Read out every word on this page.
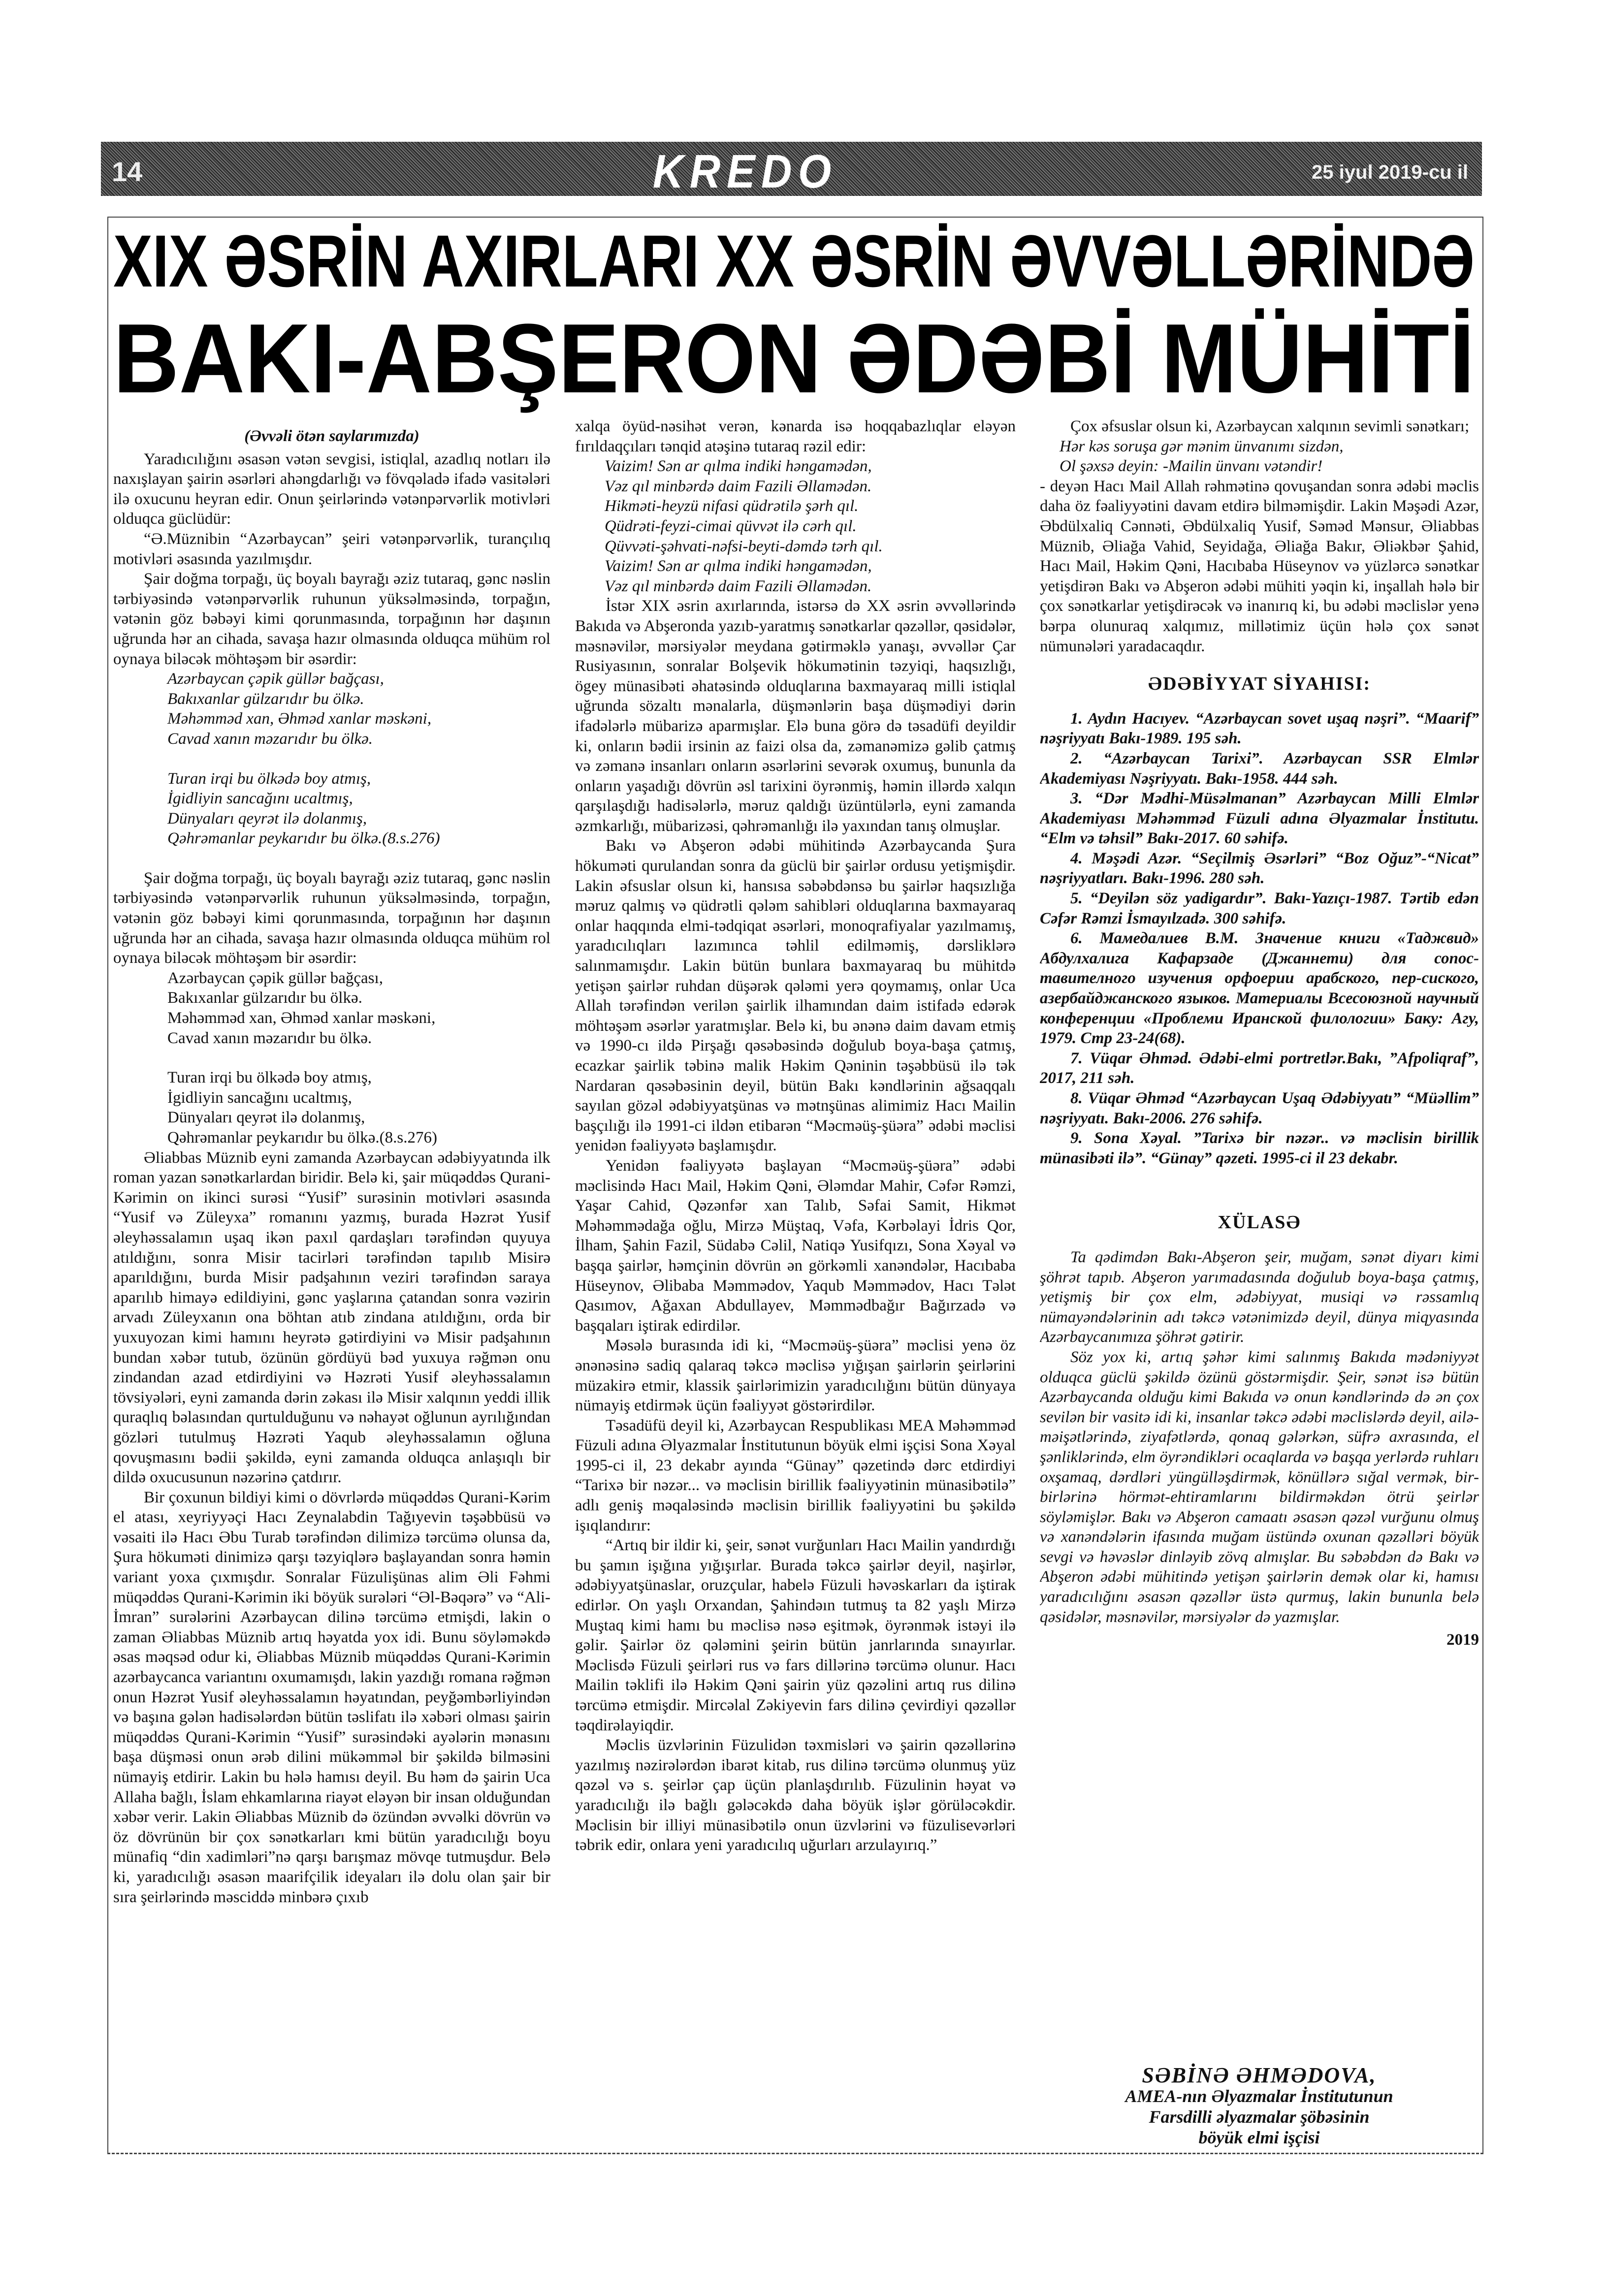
14	KREDO	25 iyul 2019-cu il
XIX ƏSRİN AXIRLARI XX ƏSRİN ƏVVƏLLƏRİNDƏ
BAKI-ABŞERON ƏDƏBİ MÜHİTİ
(Əvvəli ötən saylarımızda)

Yaradıcılığını əsasən vətən sevgisi, istiqlal, azadlıq notları ilə naxışlayan şairin əsərləri ahəngdarlığı və fövqəladə ifadə vasitələri ilə oxucunu heyran edir. Onun şeirlərində vətənpərvərlik motivləri olduqca güclüdür:

“Ə.Müznibin “Azərbaycan” şeiri vətənpərvərlik, turançılıq motivləri əsasında yazılmışdır.

Şair doğma torpağı, üç boyalı bayrağı əziz tutaraq, gənc nəslin tərbiyəsində vətənpərvərlik ruhunun yüksəlməsində, torpağın, vətənin göz bəbəyi kimi qorunmasında, torpağının hər daşının uğrunda hər an cihada, savaşa hazır olmasında olduqca mühüm rol oynaya biləcək möhtəşəm bir əsərdir:

Azərbaycan çəpik güllər bağçası,
Bakıxanlar gülzarıdır bu ölkə.
Məhəmməd xan, Əhməd xanlar məskəni,
Cavad xanın məzarıdır bu ölkə.
Turan irqi bu ölkədə boy atmış,
İgidliyin sancağını ucaltmış,
Dünyaları qeyrət ilə dolanmış,
Qəhrəmanlar peykarıdır bu ölkə.(8.s.276)

Şair doğma torpağı, üç boyalı bayrağı əziz tutaraq, gənc nəslin tərbiyəsində vətənpərvərlik ruhunun yüksəlməsində, torpağın, vətənin göz bəbəyi kimi qorunmasında, torpağının hər daşının uğrunda hər an cihada, savaşa hazır olmasında olduqca mühüm rol oynaya biləcək möhtəşəm bir əsərdir:

Azərbaycan çəpik güllər bağçası,
Bakıxanlar gülzarıdır bu ölkə.
Məhəmməd xan, Əhməd xanlar məskəni,
Cavad xanın məzarıdır bu ölkə.
Turan irqi bu ölkədə boy atmış,
İgidliyin sancağını ucaltmış,
Dünyaları qeyrət ilə dolanmış,
Qəhrəmanlar peykarıdır bu ölkə.(8.s.276)

Əliabbas Müznib eyni zamanda Azərbaycan ədəbiyyatında ilk roman yazan sənətkarlardan biridir. Belə ki, şair müqəddəs Qurani-Kərimin on ikinci surəsi “Yusif” surəsinin motivləri əsasında “Yusif və Züleyxa” romanını yazmış, burada Həzrət Yusif əleyhəssalamın uşaq ikən paxıl qardaşları tərəfindən quyuya atıldığını, sonra Misir tacirləri tərəfindən tapılıb Misirə aparıldığını, burda Misir padşahının veziri tərəfindən saraya aparılıb himayə edildiyini, gənc yaşlarına çatandan sonra vəzirin arvadı Züleyxanın ona böhtan atıb zindana atıldığını, orda bir yuxuyozan kimi hamını heyrətə gətirdiyini və Misir padşahının bundan xəbər tutub, özünün gördüyü bəd yuxuya rəğmən onu zindandan azad etdirdiyini və Həzrəti Yusif əleyhəssalamın tövsiyələri, eyni zamanda dərin zəkası ilə Misir xalqının yeddi illik quraqlıq bəlasından qurtulduğunu və nəhayət oğlunun ayrılığından gözləri tutulmuş Həzrəti Yaqub əleyhəssalamın oğluna qovuşmasını bədii şəkildə, eyni zamanda olduqca anlaşıqlı bir dildə oxucusunun nəzərinə çatdırır.

Bir çoxunun bildiyi kimi o dövrlərdə müqəddəs Qurani-Kərim el atası, xeyriyyəçi Hacı Zeynalabdin Tağıyevin təşəbbüsü və vəsaiti ilə Hacı Əbu Turab tərəfindən dilimizə tərcümə olunsa da, Şura hökuməti dinimizə qarşı təzyiqlərə başlayandan sonra həmin variant yoxa çıxmışdır. Sonralar Füzulişünas alim Əli Fəhmi müqəddəs Qurani-Kərimin iki böyük surələri “Əl-Bəqərə” və “Ali-İmran” surələrini Azərbaycan dilinə tərcümə etmişdi, lakin o zaman Əliabbas Müznib artıq həyatda yox idi. Bunu söyləməkdə əsas məqsəd odur ki, Əliabbas Müznib müqəddəs Qurani-Kərimin azərbaycanca variantını oxumamışdı, lakin yazdığı romana rəğmən onun Həzrət Yusif əleyhəssalamın həyatından, peyğəmbərliyindən və başına gələn hadisələrdən bütün təslifatı ilə xəbəri olması şairin müqəddəs Qurani-Kərimin “Yusif” surəsindəki ayələrin mənasını başa düşməsi onun ərəb dilini mükəmməl bir şəkildə bilməsini nümayiş etdirir. Lakin bu hələ hamısı deyil. Bu həm də şairin Uca Allaha bağlı, İslam ehkamlarına riayət eləyən bir insan olduğundan xəbər verir. Lakin Əliabbas Müznib də özündən əvvəlki dövrün və öz dövrünün bir çox sənətkarları kmi bütün yaradıcılığı boyu münafiq “din xadimləri”nə qarşı barışmaz mövqe tutmuşdur. Belə ki, yaradıcılığı əsasən maarifçilik ideyaları ilə dolu olan şair bir sıra şeirlərində məsciddə minbərə çıxıb

xalqa öyüd-nəsihət verən, kənarda isə hoqqabazlıqlar eləyən fırıldaqçıları tənqid atəşinə tutaraq rəzil edir:

Vaizim! Sən ar qılma indiki həngamədən,
Vəz qıl minbərdə daim Fazili Əllamədən.
Hikməti-heyzü nifasi qüdrətilə şərh qıl.
Qüdrəti-feyzi-cimai qüvvət ilə cərh qıl.
Qüvvəti-şəhvati-nəfsi-beyti-dəmdə tərh qıl.
Vaizim! Sən ar qılma indiki həngamədən,
Vəz qıl minbərdə daim Fazili Əllamədən.

İstər XIX əsrin axırlarında, istərsə də XX əsrin əvvəllərində Bakıda və Abşeronda yazıb-yaratmış sənətkarlar qəzəllər, qəsidələr, məsnəvilər, mərsiyələr meydana gətirməklə yanaşı, əvvəllər Çar Rusiyasının, sonralar Bolşevik hökumətinin təzyiqi, haqsızlığı, ögey münasibəti əhatəsində olduqlarına baxmayaraq milli istiqlal uğrunda sözaltı mənalarla, düşmənlərin başa düşmədiyi dərin ifadələrlə mübarizə aparmışlar. Elə buna görə də təsadüfi deyildir ki, onların bədii irsinin az faizi olsa da, zəmanəmizə gəlib çatmış və zəmanə insanları onların əsərlərini sevərək oxumuş, bununla da onların yaşadığı dövrün əsl tarixini öyrənmiş, həmin illərdə xalqın qarşılaşdığı hadisələrlə, məruz qaldığı üzüntülərlə, eyni zamanda əzmkarlığı, mübarizəsi, qəhrəmanlığı ilə yaxından tanış olmuşlar.

Bakı və Abşeron ədəbi mühitində Azərbaycanda Şura hökuməti qurulandan sonra da güclü bir şairlər ordusu yetişmişdir. Lakin əfsuslar olsun ki, hansısa səbəbdənsə bu şairlər haqsızlığa məruz qalmış və qüdrətli qələm sahibləri olduqlarına baxmayaraq onlar haqqında elmi-tədqiqat əsərləri, monoqrafiyalar yazılmamış, yaradıcılıqları lazımınca təhlil edilməmiş, dərsliklərə salınmamışdır. Lakin bütün bunlara baxmayaraq bu mühitdə yetişən şairlər ruhdan düşərək qələmi yerə qoymamış, onlar Uca Allah tərəfindən verilən şairlik ilhamından daim istifadə edərək möhtəşəm əsərlər yaratmışlar. Belə ki, bu ənənə daim davam etmiş və 1990-cı ildə Pirşağı qəsəbəsində doğulub boya-başa çatmış, ecazkar şairlik təbinə malik Həkim Qəninin təşəbbüsü ilə tək Nardaran qəsəbəsinin deyil, bütün Bakı kəndlərinin ağsaqqalı sayılan gözəl ədəbiyyatşünas və mətnşünas alimimiz Hacı Mailin başçılığı ilə 1991-ci ildən etibarən “Məcməüş-şüəra” ədəbi məclisi yenidən fəaliyyətə başlamışdır.

Yenidən fəaliyyətə başlayan “Məcməüş-şüəra” ədəbi məclisində Hacı Mail, Həkim Qəni, Ələmdar Mahir, Cəfər Rəmzi, Yaşar Cahid, Qəzənfər xan Talıb, Səfai Samit, Hikmət Məhəmmədağa oğlu, Mirzə Müştaq, Vəfa, Kərbəlayi İdris Qor, İlham, Şahin Fazil, Südabə Cəlil, Natiqə Yusifqızı, Sona Xəyal və başqa şairlər, həmçinin dövrün ən görkəmli xanəndələr, Hacıbaba Hüseynov, Əlibaba Məmmədov, Yaqub Məmmədov, Hacı Tələt Qasımov, Ağaxan Abdullayev, Məmmədbağır Bağırzadə və başqaları iştirak edirdilər.

Məsələ burasında idi ki, “Məcməüş-şüəra” məclisi yenə öz ənənəsinə sadiq qalaraq təkcə məclisə yığışan şairlərin şeirlərini müzakirə etmir, klassik şairlərimizin yaradıcılığını bütün dünyaya nümayiş etdirmək üçün fəaliyyət göstərirdilər.

Təsadüfü deyil ki, Azərbaycan Respublikası MEA Məhəmməd Füzuli adına Əlyazmalar İnstitutunun böyük elmi işçisi Sona Xəyal 1995-ci il, 23 dekabr ayında “Günay” qəzetində dərc etdirdiyi “Tarixə bir nəzər... və məclisin birillik fəaliyyətinin münasibətilə” adlı geniş məqaləsində məclisin birillik fəaliyyətini bu şəkildə işıqlandırır:

“Artıq bir ildir ki, şeir, sənət vurğunları Hacı Mailin yandırdığı bu şamın işığına yığışırlar. Burada təkcə şairlər deyil, naşirlər, ədəbiyyatşünaslar, oruzçular, habelə Füzuli həvəskarları da iştirak edirlər. On yaşlı Orxandan, Şahindəın tutmuş ta 82 yaşlı Mirzə Muştaq kimi hamı bu məclisə nəsə eşitmək, öyrənmək istəyi ilə gəlir. Şairlər öz qələmini şeirin bütün janrlarında sınayırlar. Məclisdə Füzuli şeirləri rus və fars dillərinə tərcümə olunur. Hacı Mailin təklifi ilə Həkim Qəni şairin yüz qəzəlini artıq rus dilinə tərcümə etmişdir. Mircəlal Zəkiyevin fars dilinə çevirdiyi qəzəllər təqdirəlayiqdir.

Məclis üzvlərinin Füzulidən təxmisləri və şairin qəzəllərinə yazılmış nəzirələrdən ibarət kitab, rus dilinə tərcümə olunmuş yüz qəzəl və s. şeirlər çap üçün planlaşdırılıb. Füzulinin həyat və yaradıcılığı ilə bağlı gələcəkdə daha böyük işlər görüləcəkdir. Məclisin bir illiyi münasibətilə onun üzvlərini və füzulisevərləri təbrik edir, onlara yeni yaradıcılıq uğurları arzulayırıq.”

Çox əfsuslar olsun ki, Azərbaycan xalqının sevimli sənətkarı;

Hər kəs soruşa gər mənim ünvanımı sizdən,
Ol şəxsə deyin: -Mailin ünvanı vətəndir!

- deyən Hacı Mail Allah rəhmətinə qovuşandan sonra ədəbi məclis daha öz fəaliyyətini davam etdirə bilməmişdir. Lakin Məşədi Azər, Əbdülxaliq Cənnəti, Əbdülxaliq Yusif, Səməd Mənsur, Əliabbas Müznib, Əliağa Vahid, Seyidağa, Əliağa Bakır, Əliəkbər Şahid, Hacı Mail, Həkim Qəni, Hacıbaba Hüseynov və yüzlərcə sənətkar yetişdirən Bakı və Abşeron ədəbi mühiti yəqin ki, inşallah hələ bir çox sənətkarlar yetişdirəcək və inanırıq ki, bu ədəbi məclislər yenə bərpa olunuraq xalqımız, millətimiz üçün hələ çox sənət nümunələri yaradacaqdır.

ƏDƏBİYYAT SİYAHISI:

1. Aydın Hacıyev. “Azərbaycan sovet uşaq nəşri”. “Maarif” nəşriyyatı Bakı-1989. 195 səh.

2. “Azərbaycan Tarixi”. Azərbaycan SSR Elmlər Akademiyası Nəşriyyatı. Bakı-1958. 444 səh.

3. “Dər Mədhi-Müsəlmanan” Azərbaycan Milli Elmlər Akademiyası Məhəmməd Füzuli adına Əlyazmalar İnstitutu. “Elm və təhsil” Bakı-2017. 60 səhifə.

4. Məşədi Azər. “Seçilmiş Əsərləri” “Boz Oğuz”-“Nicat” nəşriyyatları. Bakı-1996. 280 səh.

5. “Deyilən söz yadigardır”. Bakı-Yazıçı-1987. Tərtib edən Cəfər Rəmzi İsmayılzadə. 300 səhifə.

6. Мамедалиев В.М. Значение книги «Таджвид» Абдулхалига Кафарзаде (Джаннети) для сопос-тавителного изучения орфоерии арабского, пер-сиского, азербайджанского языков. Материалы Всесоюзной научный конференции «Проблеми Иранской филологии» Баку: Агу, 1979. Стр 23-24(68).

7. Vüqar Əhməd. Ədəbi-elmi portretlər.Bakı, ”Afpoliqraf”, 2017, 211 səh.

8. Vüqar Əhməd “Azərbaycan Uşaq Ədəbiyyatı” “Müəllim” nəşriyyatı. Bakı-2006. 276 səhifə.

9. Sona Xəyal. ”Tarixə bir nəzər.. və məclisin birillik münasibəti ilə”. “Günay” qəzeti. 1995-ci il 23 dekabr.

XÜLASƏ

Ta qədimdən Bakı-Abşeron şeir, muğam, sənət diyarı kimi şöhrət tapıb. Abşeron yarımadasında doğulub boya-başa çatmış, yetişmiş bir çox elm, ədəbiyyat, musiqi və rəssamlıq nümayəndələrinin adı təkcə vətənimizdə deyil, dünya miqyasında Azərbaycanımıza şöhrət gətirir.

Söz yox ki, artıq şəhər kimi salınmış Bakıda mədəniyyət olduqca güclü şəkildə özünü göstərmişdir. Şeir, sənət isə bütün Azərbaycanda olduğu kimi Bakıda və onun kəndlərində də ən çox sevilən bir vasitə idi ki, insanlar təkcə ədəbi məclislərdə deyil, ailə-məişətlərində, ziyafətlərdə, qonaq gələrkən, süfrə axrasında, el şənliklərində, elm öyrəndikləri ocaqlarda və başqa yerlərdə ruhları oxşamaq, dərdləri yüngülləşdirmək, könüllərə sığal vermək, bir-birlərinə hörmət-ehtiramlarını bildirməkdən ötrü şeirlər söyləmişlər. Bakı və Abşeron camaatı əsasən qəzəl vurğunu olmuş və xanəndələrin ifasında muğam üstündə oxunan qəzəlləri böyük sevgi və həvəslər dinləyib zövq almışlar. Bu səbəbdən də Bakı və Abşeron ədəbi mühitində yetişən şairlərin demək olar ki, hamısı yaradıcılığını əsasən qəzəllər üstə qurmuş, lakin bununla belə qəsidələr, məsnəvilər, mərsiyələr də yazmışlar.

2019
SƏBİNƏ ƏHMƏDOVA,
AMEA-nın Əlyazmalar İnstitutunun
Farsdilli əlyazmalar şöbəsinin
böyük elmi işçisi
